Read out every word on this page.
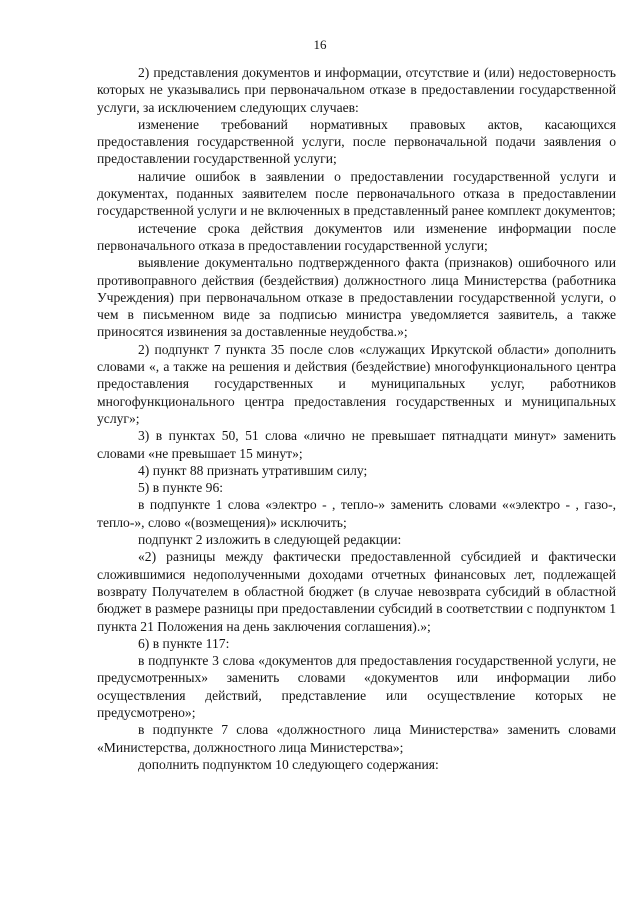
16

2) представления документов и информации, отсутствие и (или) недостоверность которых не указывались при первоначальном отказе в предоставлении государственной услуги, за исключением следующих случаев:

изменение требований нормативных правовых актов, касающихся предоставления государственной услуги, после первоначальной подачи заявления о предоставлении государственной услуги;

наличие ошибок в заявлении о предоставлении государственной услуги и документах, поданных заявителем после первоначального отказа в предоставлении государственной услуги и не включенных в представленный ранее комплект документов;

истечение срока действия документов или изменение информации после первоначального отказа в предоставлении государственной услуги;

выявление документально подтвержденного факта (признаков) ошибочного или противоправного действия (бездействия) должностного лица Министерства (работника Учреждения) при первоначальном отказе в предоставлении государственной услуги, о чем в письменном виде за подписью министра уведомляется заявитель, а также приносятся извинения за доставленные неудобства.»;

2) подпункт 7 пункта 35 после слов «служащих Иркутской области» дополнить словами «, а также на решения и действия (бездействие) многофункционального центра предоставления государственных и муниципальных услуг, работников многофункционального центра предоставления государственных и муниципальных услуг»;

3) в пунктах 50, 51 слова «лично не превышает пятнадцати минут» заменить словами «не превышает 15 минут»;

4) пункт 88 признать утратившим силу;

5) в пункте 96:

в подпункте 1 слова «электро - , тепло-» заменить словами ««электро - , газо-, тепло-», слово «(возмещения)» исключить;

подпункт 2 изложить в следующей редакции:

«2) разницы между фактически предоставленной субсидией и фактически сложившимися недополученными доходами отчетных финансовых лет, подлежащей возврату Получателем в областной бюджет (в случае невозврата субсидий в областной бюджет в размере разницы при предоставлении субсидий в соответствии с подпунктом 1 пункта 21 Положения на день заключения соглашения).»;

6) в пункте 117:

в подпункте 3 слова «документов для предоставления государственной услуги, не предусмотренных» заменить словами «документов или информации либо осуществления действий, представление или осуществление которых не предусмотрено»;

в подпункте 7 слова «должностного лица Министерства» заменить словами «Министерства, должностного лица Министерства»;

дополнить подпунктом 10 следующего содержания:
